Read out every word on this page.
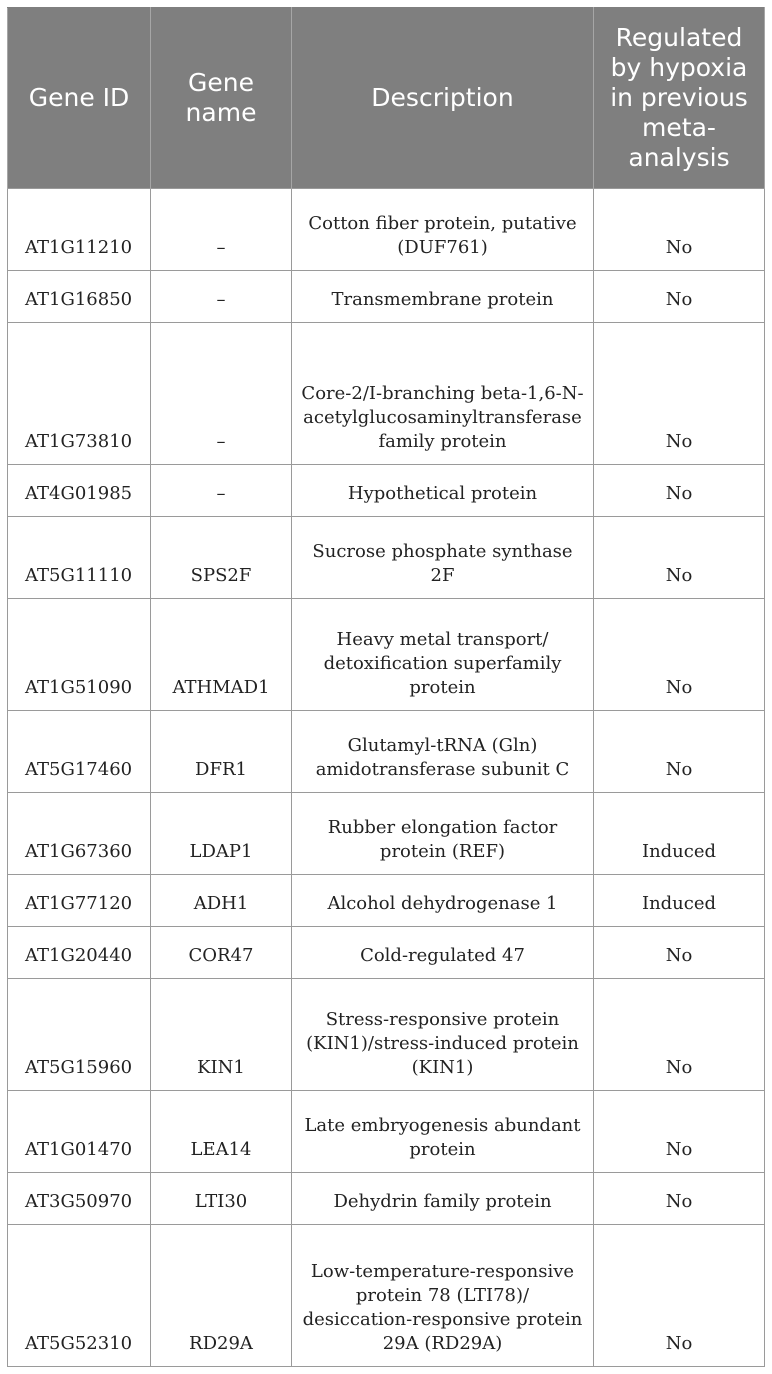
Gene ID	Gene name	Description	Regulated by hypoxia in previous meta-analysis
AT1G11210	–	Cotton fiber protein, putative (DUF761)	No
AT1G16850	–	Transmembrane protein	No
AT1G73810	–	Core-2/I-branching beta-1,6-N-acetylglucosaminyltransferase family protein	No
AT4G01985	–	Hypothetical protein	No
AT5G11110	SPS2F	Sucrose phosphate synthase 2F	No
AT1G51090	ATHMAD1	Heavy metal transport/ detoxification superfamily protein	No
AT5G17460	DFR1	Glutamyl-tRNA (Gln) amidotransferase subunit C	No
AT1G67360	LDAP1	Rubber elongation factor protein (REF)	Induced
AT1G77120	ADH1	Alcohol dehydrogenase 1	Induced
AT1G20440	COR47	Cold-regulated 47	No
AT5G15960	KIN1	Stress-responsive protein (KIN1)/stress-induced protein (KIN1)	No
AT1G01470	LEA14	Late embryogenesis abundant protein	No
AT3G50970	LTI30	Dehydrin family protein	No
AT5G52310	RD29A	Low-temperature-responsive protein 78 (LTI78)/ desiccation-responsive protein 29A (RD29A)	No
